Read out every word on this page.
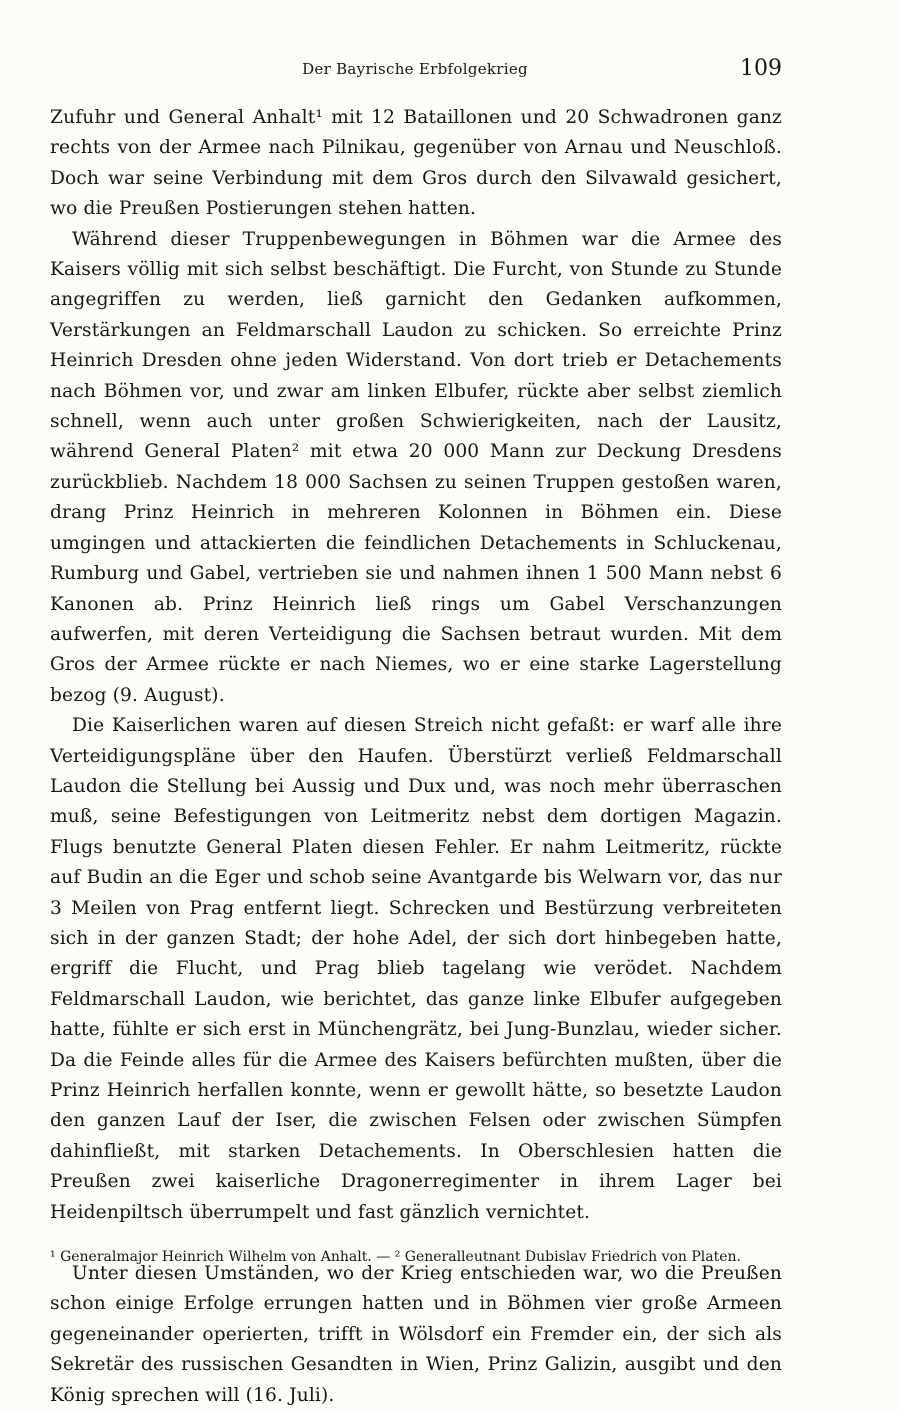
Der Bayrische Erbfolgekrieg	109

Zufuhr und General Anhalt¹ mit 12 Bataillonen und 20 Schwadronen ganz rechts von der Armee nach Pilnikau, gegenüber von Arnau und Neuschloß. Doch war seine Verbindung mit dem Gros durch den Silvawald gesichert, wo die Preußen Postierungen stehen hatten.

Während dieser Truppenbewegungen in Böhmen war die Armee des Kaisers völlig mit sich selbst beschäftigt. Die Furcht, von Stunde zu Stunde angegriffen zu werden, ließ garnicht den Gedanken aufkommen, Verstärkungen an Feldmarschall Laudon zu schicken. So erreichte Prinz Heinrich Dresden ohne jeden Widerstand. Von dort trieb er Detachements nach Böhmen vor, und zwar am linken Elbufer, rückte aber selbst ziemlich schnell, wenn auch unter großen Schwierigkeiten, nach der Lausitz, während General Platen² mit etwa 20 000 Mann zur Deckung Dresdens zurückblieb. Nachdem 18 000 Sachsen zu seinen Truppen gestoßen waren, drang Prinz Heinrich in mehreren Kolonnen in Böhmen ein. Diese umgingen und attackierten die feindlichen Detachements in Schluckenau, Rumburg und Gabel, vertrieben sie und nahmen ihnen 1 500 Mann nebst 6 Kanonen ab. Prinz Heinrich ließ rings um Gabel Verschanzungen aufwerfen, mit deren Verteidigung die Sachsen betraut wurden. Mit dem Gros der Armee rückte er nach Niemes, wo er eine starke Lagerstellung bezog (9. August).

Die Kaiserlichen waren auf diesen Streich nicht gefaßt: er warf alle ihre Verteidigungspläne über den Haufen. Überstürzt verließ Feldmarschall Laudon die Stellung bei Aussig und Dux und, was noch mehr überraschen muß, seine Befestigungen von Leitmeritz nebst dem dortigen Magazin. Flugs benutzte General Platen diesen Fehler. Er nahm Leitmeritz, rückte auf Budin an die Eger und schob seine Avantgarde bis Welwarn vor, das nur 3 Meilen von Prag entfernt liegt. Schrecken und Bestürzung verbreiteten sich in der ganzen Stadt; der hohe Adel, der sich dort hinbegeben hatte, ergriff die Flucht, und Prag blieb tagelang wie verödet. Nachdem Feldmarschall Laudon, wie berichtet, das ganze linke Elbufer aufgegeben hatte, fühlte er sich erst in Münchengrätz, bei Jung-Bunzlau, wieder sicher. Da die Feinde alles für die Armee des Kaisers befürchten mußten, über die Prinz Heinrich herfallen konnte, wenn er gewollt hätte, so besetzte Laudon den ganzen Lauf der Iser, die zwischen Felsen oder zwischen Sümpfen dahinfließt, mit starken Detachements. In Oberschlesien hatten die Preußen zwei kaiserliche Dragonerregimenter in ihrem Lager bei Heidenpiltsch überrumpelt und fast gänzlich vernichtet.

Unter diesen Umständen, wo der Krieg entschieden war, wo die Preußen schon einige Erfolge errungen hatten und in Böhmen vier große Armeen gegeneinander operierten, trifft in Wölsdorf ein Fremder ein, der sich als Sekretär des russischen Gesandten in Wien, Prinz Galizin, ausgibt und den König sprechen will (16. Juli).

¹ Generalmajor Heinrich Wilhelm von Anhalt. — ² Generalleutnant Dubislav Friedrich von Platen.
